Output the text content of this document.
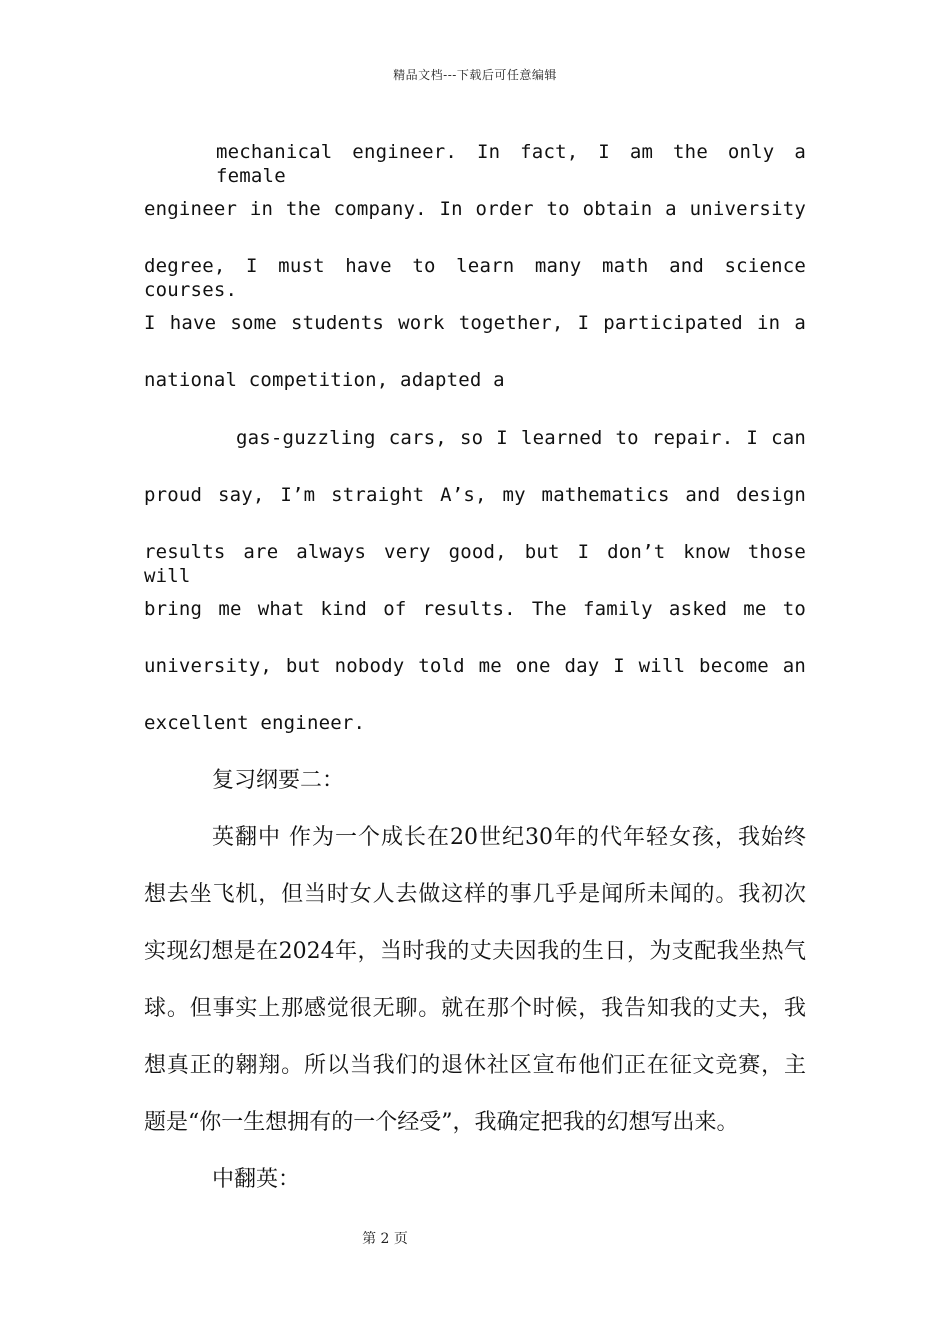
精品文档---下载后可任意编辑
mechanical engineer. In fact, I am the only a female
engineer in the company. In order to obtain a university
degree, I must have to learn many math and science courses.
I have some students work together, I participated in a
national competition, adapted a
gas-guzzling cars, so I learned to repair. I can
proud say, I’m straight A’s, my mathematics and design
results are always very good, but I don’t know those will
bring me what kind of results. The family asked me to
university, but nobody told me one day I will become an
excellent engineer.
复习纲要二：
英翻中 作为一个成长在20世纪30年的代年轻女孩，我始终
想去坐飞机，但当时女人去做这样的事几乎是闻所未闻的。我初次
实现幻想是在2024年，当时我的丈夫因我的生日，为支配我坐热气
球。但事实上那感觉很无聊。就在那个时候，我告知我的丈夫，我
想真正的翱翔。所以当我们的退休社区宣布他们正在征文竞赛，主
题是“你一生想拥有的一个经受”，我确定把我的幻想写出来。
中翻英：
第 2 页
